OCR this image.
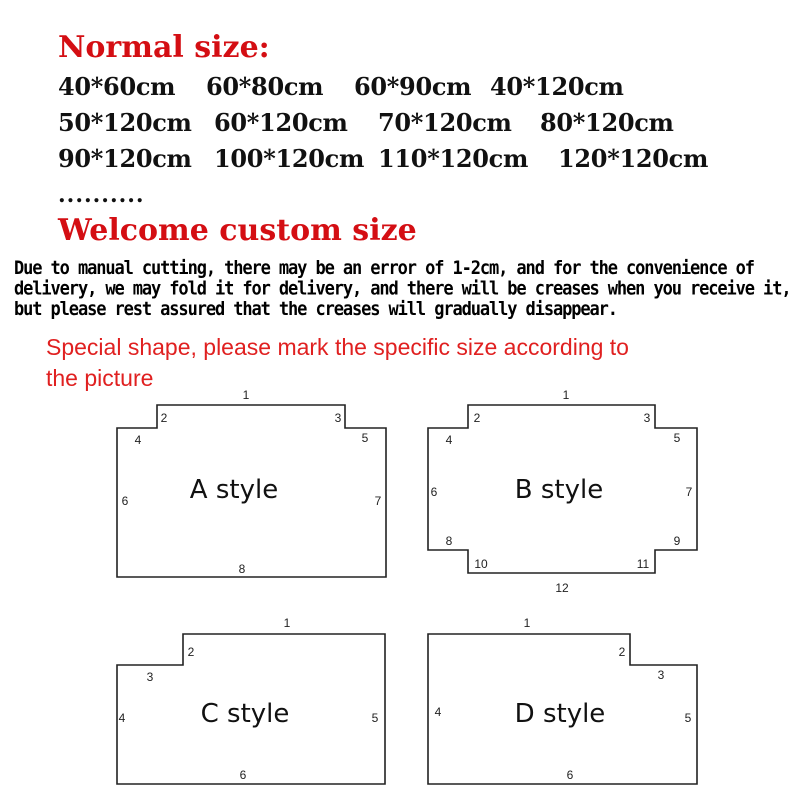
Normal size:
40*60cm 60*80cm 60*90cm 40*120cm
50*120cm 60*120cm 70*120cm 80*120cm
90*120cm 100*120cm 110*120cm 120*120cm
..........
Welcome custom size
Due to manual cutting, there may be an error of 1-2cm, and for the convenience of
delivery, we may fold it for delivery, and there will be creases when you receive it,
but please rest assured that the creases will gradually disappear.
Special shape, please mark the specific size according to
the picture
A style
1
2	3
4	5
6	7
8
B style
1
2	3
4	5
6	7
8	9
10	11
12
C style
1
2
3
4	5
6
D style
1
2
3
4	5
6
